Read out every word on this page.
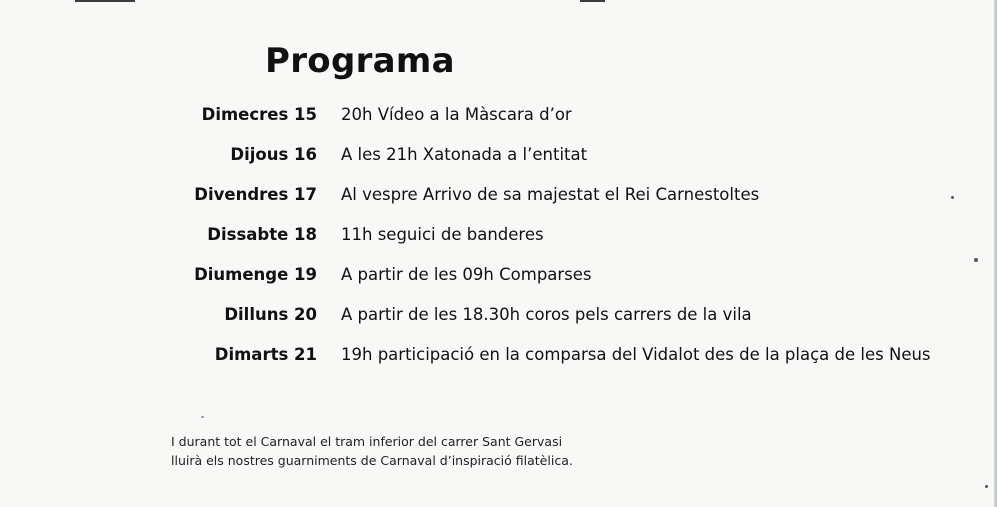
Programa
Dimecres 15 20h Vídeo a la Màscara d’or
Dijous 16 A les 21h Xatonada a l’entitat
Divendres 17 Al vespre Arrivo de sa majestat el Rei Carnestoltes
Dissabte 18 11h seguici de banderes
Diumenge 19 A partir de les 09h Comparses
Dilluns 20 A partir de les 18.30h coros pels carrers de la vila
Dimarts 21 19h participació en la comparsa del Vidalot des de la plaça de les Neus

I durant tot el Carnaval el tram inferior del carrer Sant Gervasi

lluirà els nostres guarniments de Carnaval d’inspiració filatèlica.
